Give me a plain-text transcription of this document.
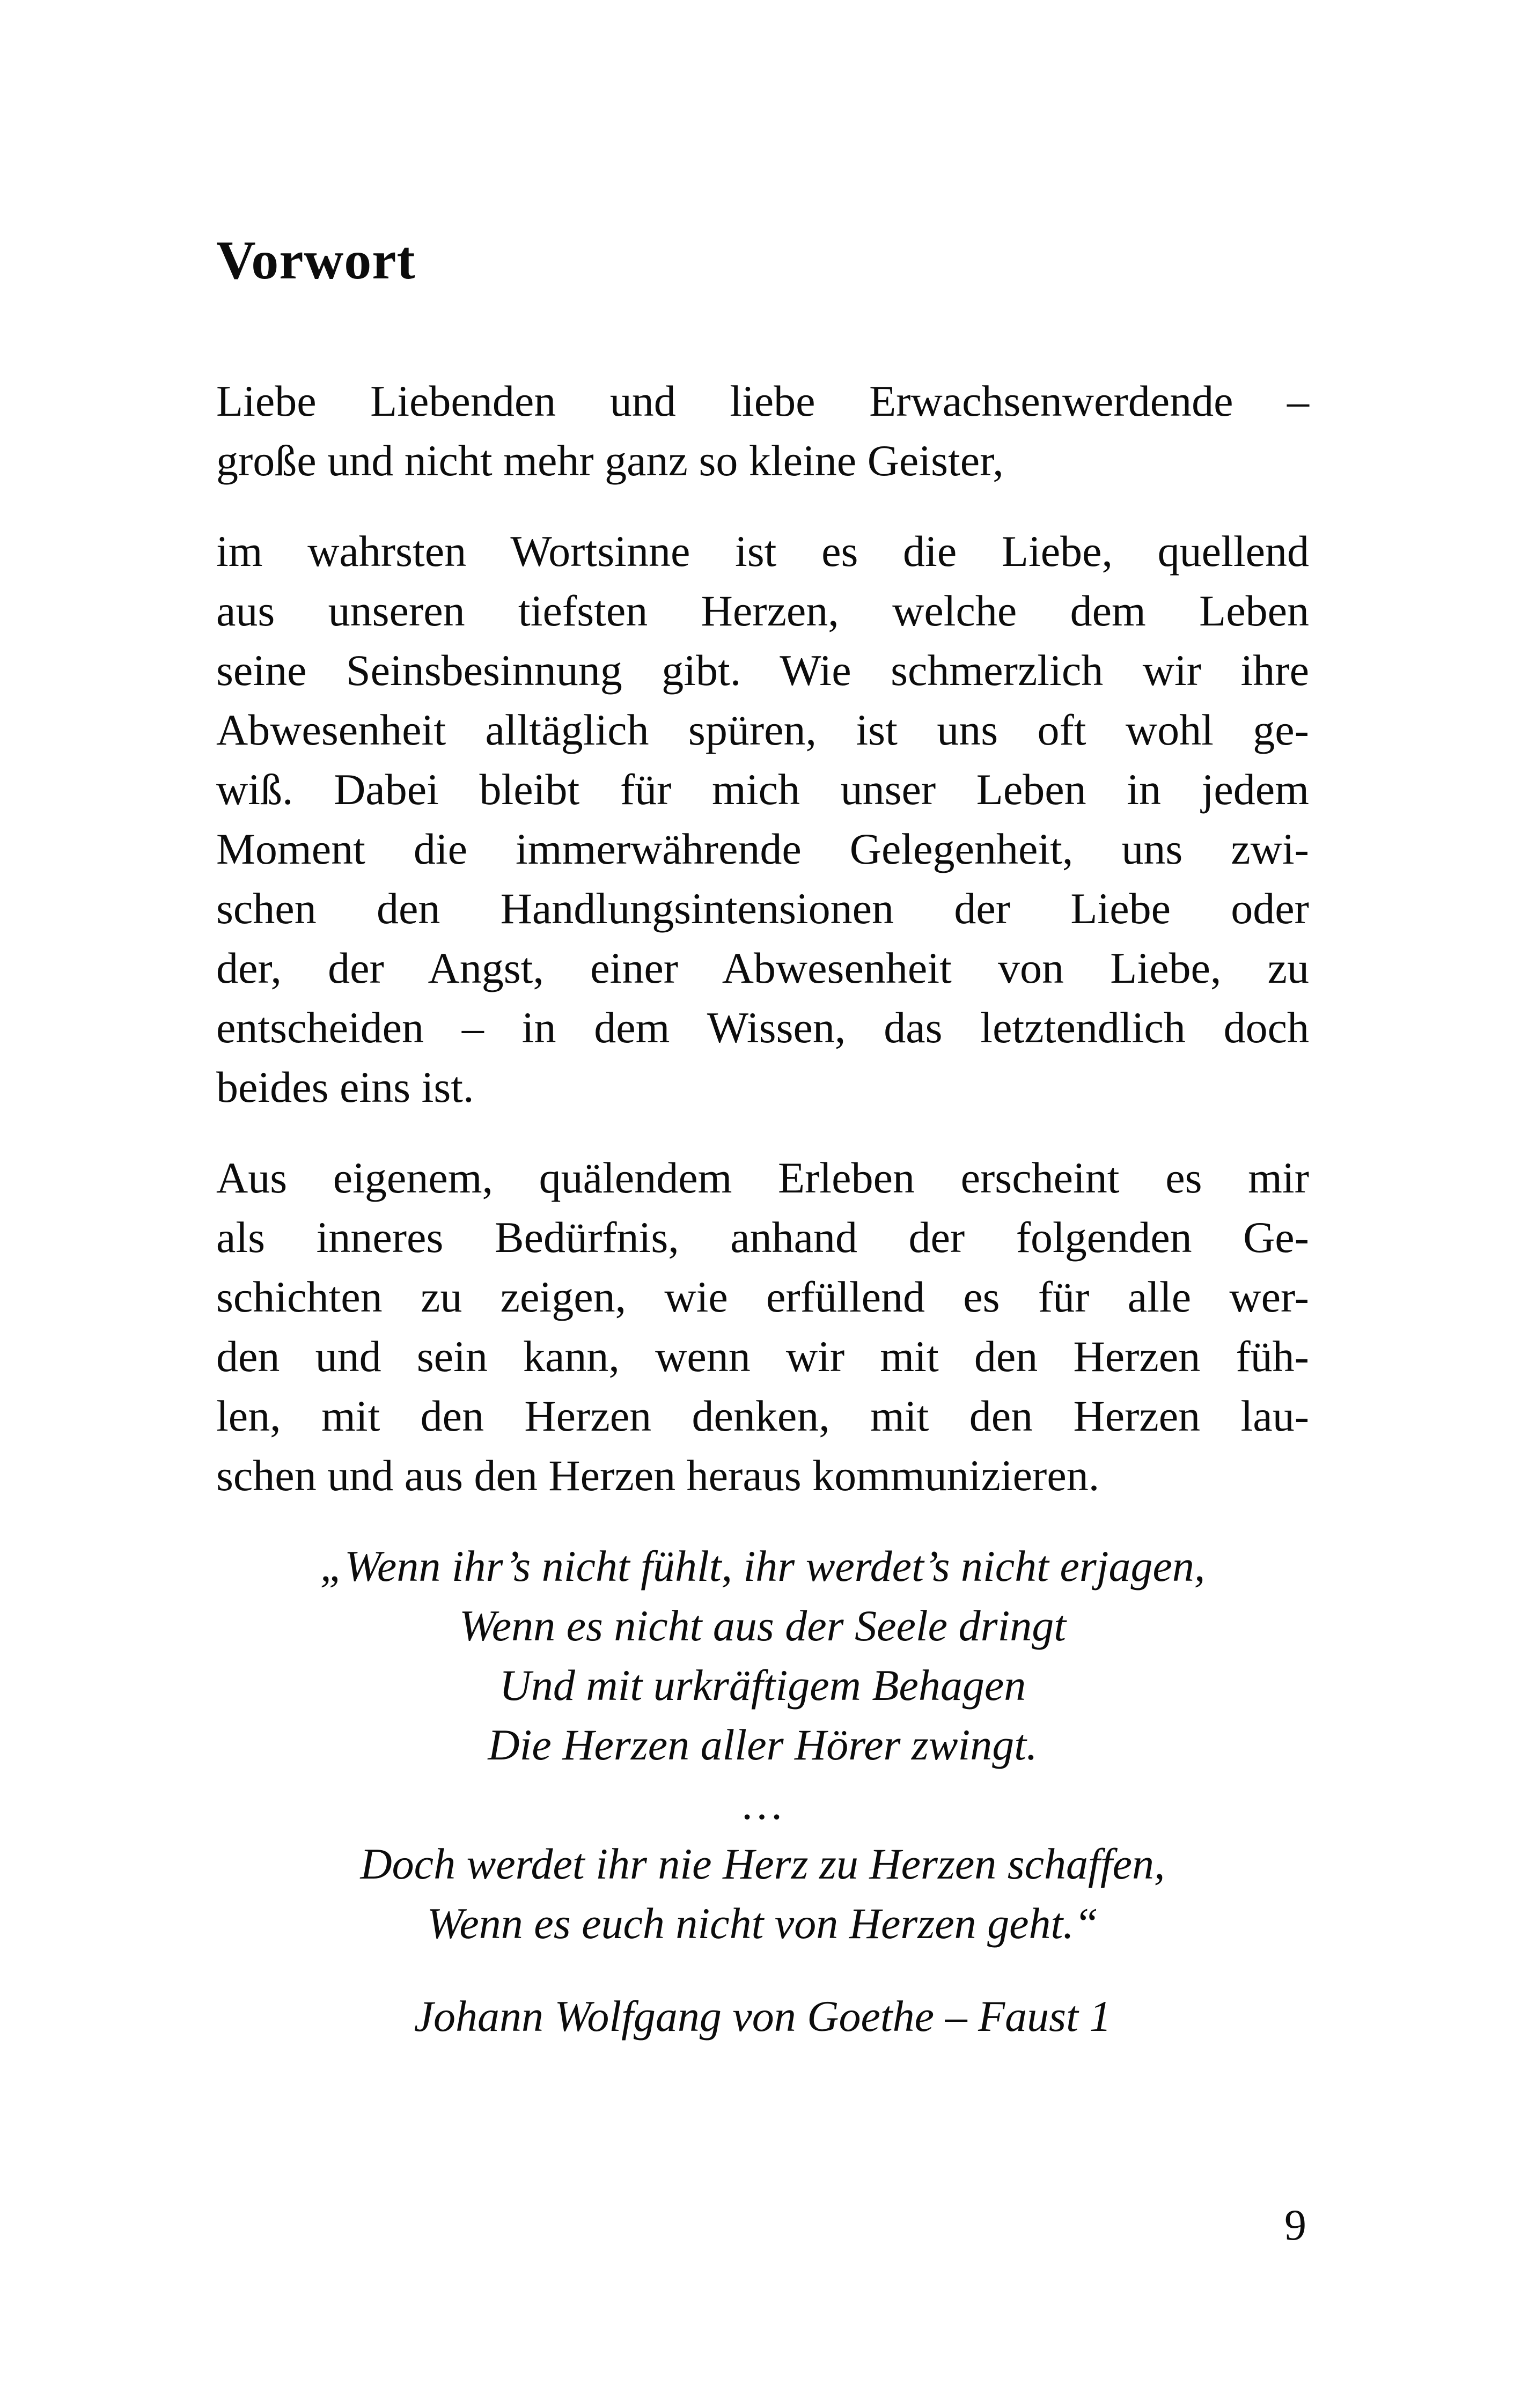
Vorwort
Liebe Liebenden und liebe Erwachsenwerdende –
große und nicht mehr ganz so kleine Geister,
im wahrsten Wortsinne ist es die Liebe, quellend
aus unseren tiefsten Herzen, welche dem Leben
seine Seinsbesinnung gibt. Wie schmerzlich wir ihre
Abwesenheit alltäglich spüren, ist uns oft wohl ge-
wiß. Dabei bleibt für mich unser Leben in jedem
Moment die immerwährende Gelegenheit, uns zwi-
schen den Handlungsintensionen der Liebe oder
der, der Angst, einer Abwesenheit von Liebe, zu
entscheiden – in dem Wissen, das letztendlich doch
beides eins ist.
Aus eigenem, quälendem Erleben erscheint es mir
als inneres Bedürfnis, anhand der folgenden Ge-
schichten zu zeigen, wie erfüllend es für alle wer-
den und sein kann, wenn wir mit den Herzen füh-
len, mit den Herzen denken, mit den Herzen lau-
schen und aus den Herzen heraus kommunizieren.
„Wenn ihr’s nicht fühlt, ihr werdet’s nicht erjagen,
Wenn es nicht aus der Seele dringt
Und mit urkräftigem Behagen
Die Herzen aller Hörer zwingt.
…
Doch werdet ihr nie Herz zu Herzen schaffen,
Wenn es euch nicht von Herzen geht.“
Johann Wolfgang von Goethe – Faust 1
9
